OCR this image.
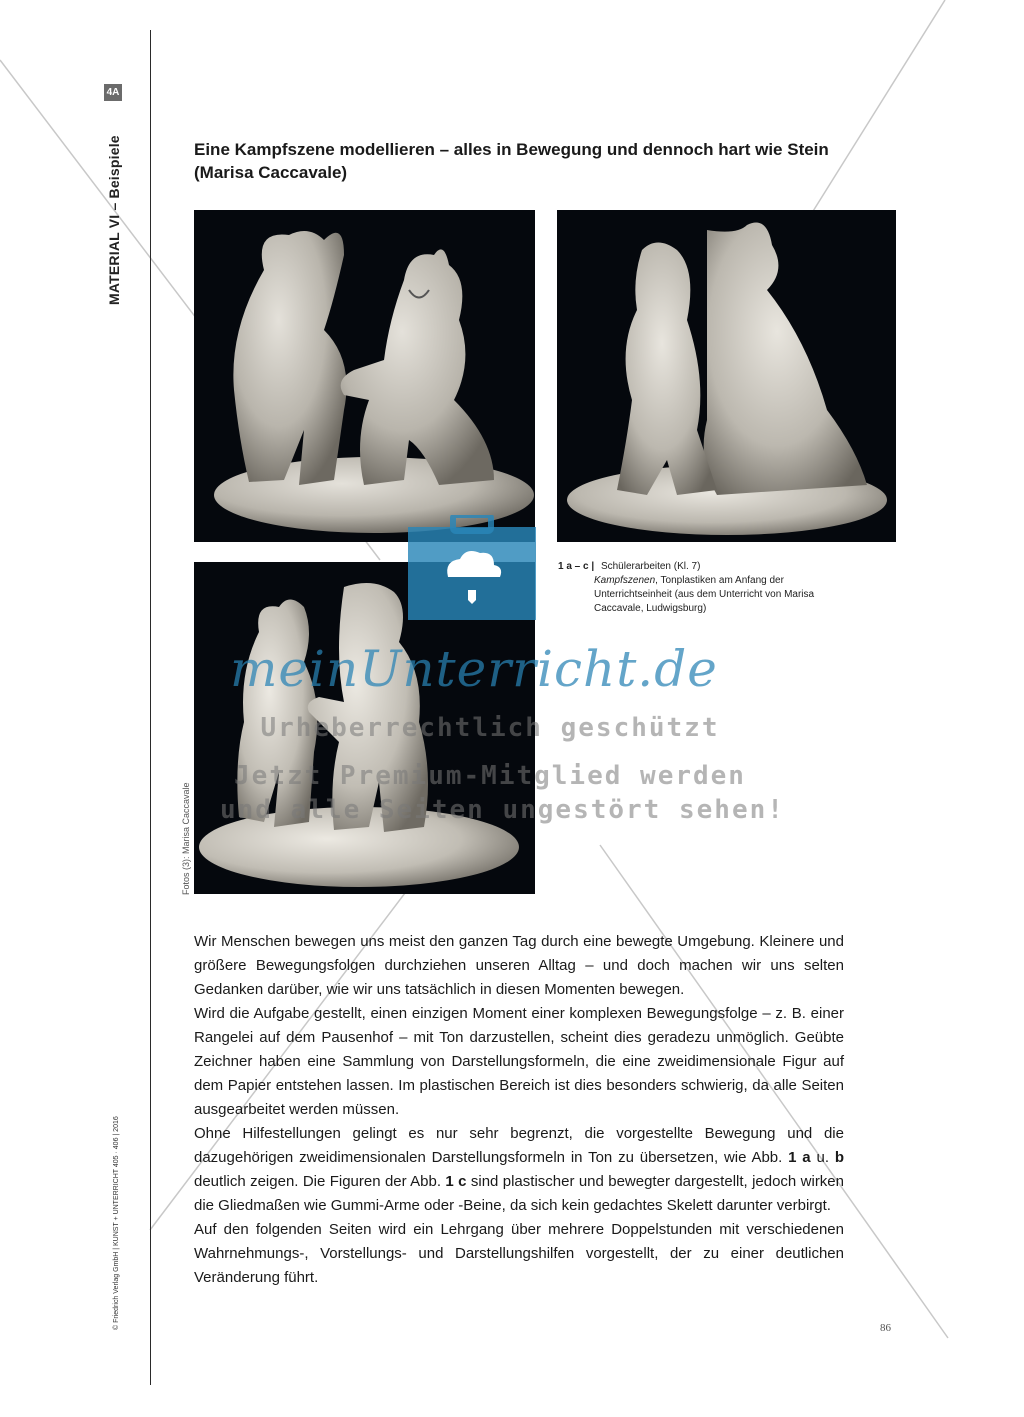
4A
MATERIAL VI – Beispiele
© Friedrich Verlag GmbH | KUNST + UNTERRICHT 405 · 406 | 2016
Fotos (3): Marisa Caccavale
Eine Kampfszene modellieren – alles in Bewegung und dennoch hart wie Stein
(Marisa Caccavale)
1 a – c | Schülerarbeiten (Kl. 7)
Kampfszenen, Tonplastiken am Anfang der Unterrichtseinheit (aus dem Unterricht von Marisa Caccavale, Ludwigsburg)

Wir Menschen bewegen uns meist den ganzen Tag durch eine bewegte Umgebung. Kleinere und größere Bewegungsfolgen durchziehen unseren Alltag – und doch machen wir uns selten Gedanken darüber, wie wir uns tatsächlich in diesen Momenten bewegen.

Wird die Aufgabe gestellt, einen einzigen Moment einer komplexen Bewegungsfolge – z. B. einer Rangelei auf dem Pausenhof – mit Ton darzustellen, scheint dies geradezu unmöglich. Geübte Zeichner haben eine Sammlung von Darstellungsformeln, die eine zweidimensionale Figur auf dem Papier entstehen lassen. Im plastischen Bereich ist dies besonders schwierig, da alle Seiten ausgearbeitet werden müssen.

Ohne Hilfestellungen gelingt es nur sehr begrenzt, die vorgestellte Bewegung und die dazugehörigen zweidimensionalen Darstellungsformeln in Ton zu übersetzen, wie Abb. 1 a u. b deutlich zeigen. Die Figuren der Abb. 1 c sind plastischer und bewegter dargestellt, jedoch wirken die Gliedmaßen wie Gummi-Arme oder -Beine, da sich kein gedachtes Skelett darunter verbirgt.

Auf den folgenden Seiten wird ein Lehrgang über mehrere Doppelstunden mit verschiedenen Wahrnehmungs-, Vorstellungs- und Darstellungshilfen vorgestellt, der zu einer deutlichen Veränderung führt.

86
meinUnterricht.de
Urheberrechtlich geschützt
Jetzt Premium-Mitglied werden
und alle Seiten ungestört sehen!
